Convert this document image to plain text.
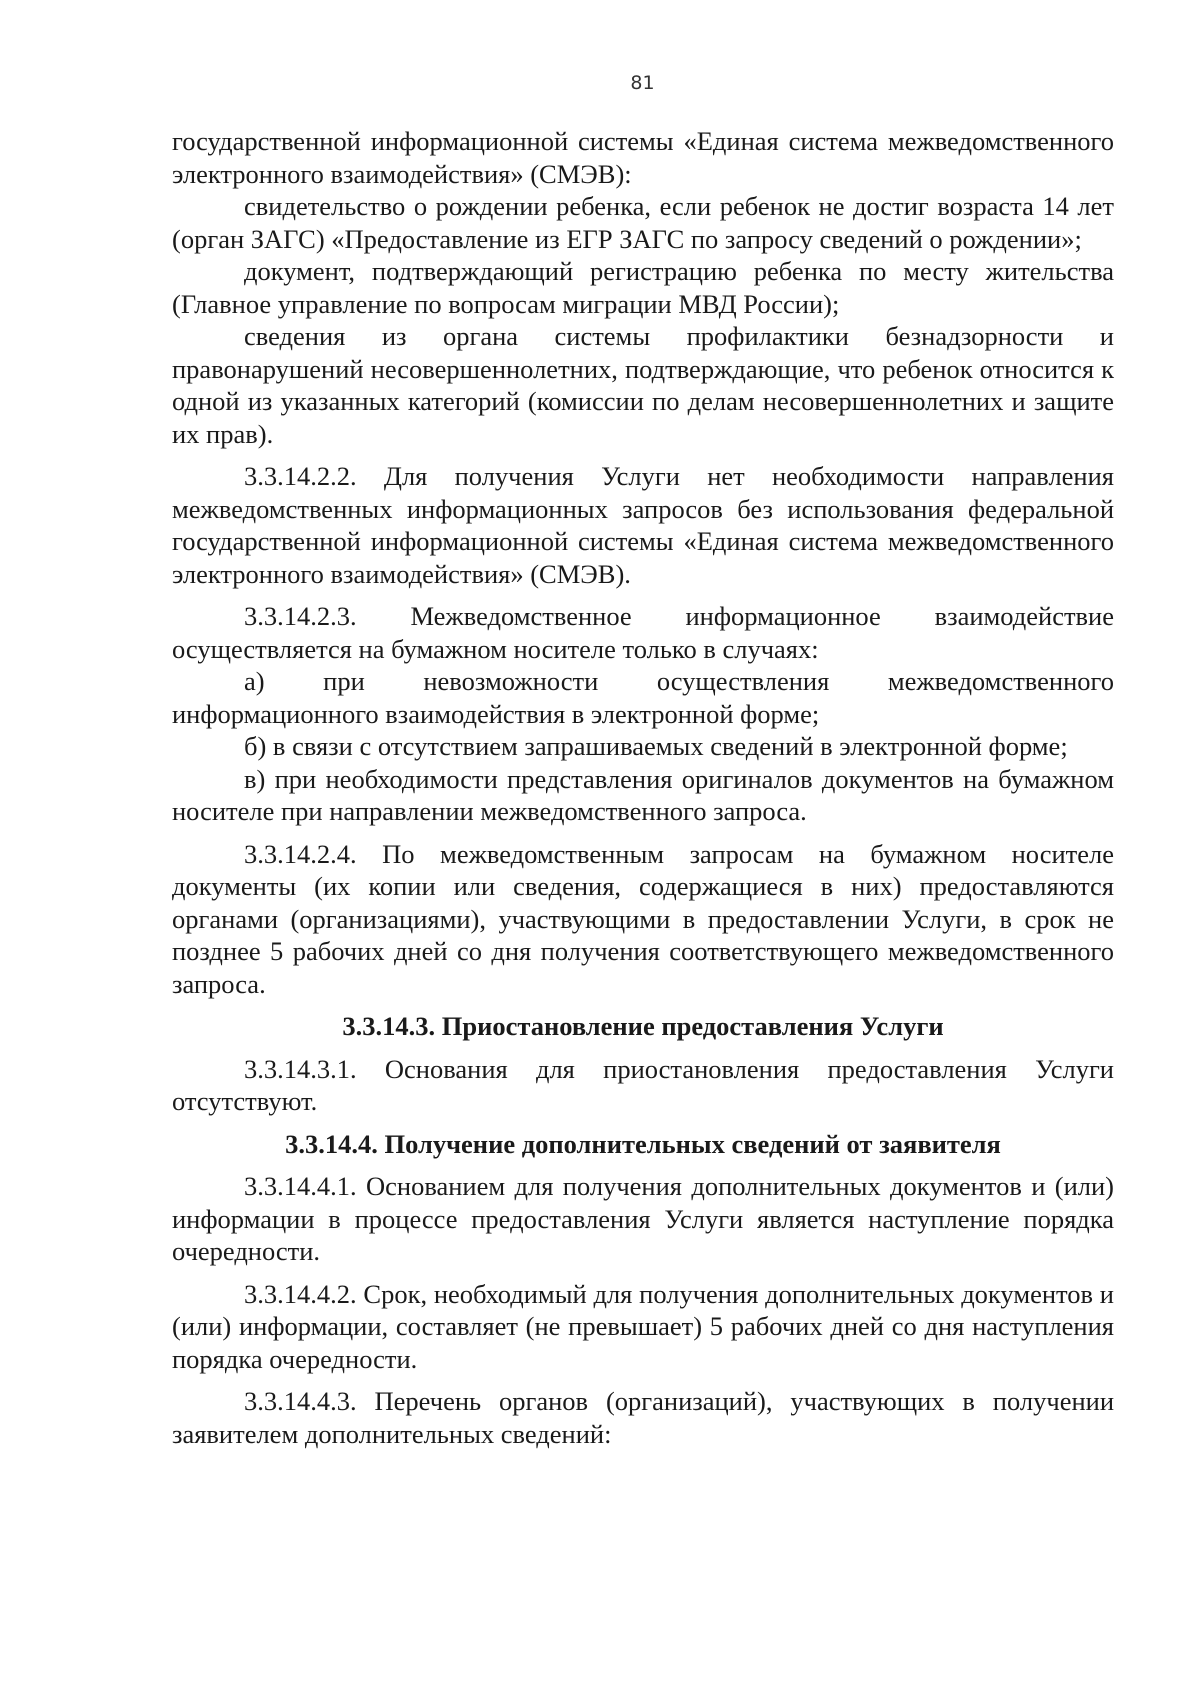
81

государственной информационной системы «Единая система межведомственного электронного взаимодействия» (СМЭВ):

свидетельство о рождении ребенка, если ребенок не достиг возраста 14 лет (орган ЗАГС) «Предоставление из ЕГР ЗАГС по запросу сведений о рождении»;

документ, подтверждающий регистрацию ребенка по месту жительства (Главное управление по вопросам миграции МВД России);

сведения из органа системы профилактики безнадзорности и правонарушений несовершеннолетних, подтверждающие, что ребенок относится к одной из указанных категорий (комиссии по делам несовершеннолетних и защите их прав).

3.3.14.2.2. Для получения Услуги нет необходимости направления межведомственных информационных запросов без использования федеральной государственной информационной системы «Единая система межведомственного электронного взаимодействия» (СМЭВ).

3.3.14.2.3. Межведомственное информационное взаимодействие осуществляется на бумажном носителе только в случаях:

а) при невозможности осуществления межведомственного информационного взаимодействия в электронной форме;

б) в связи с отсутствием запрашиваемых сведений в электронной форме;

в) при необходимости представления оригиналов документов на бумажном носителе при направлении межведомственного запроса.

3.3.14.2.4. По межведомственным запросам на бумажном носителе документы (их копии или сведения, содержащиеся в них) предоставляются органами (организациями), участвующими в предоставлении Услуги, в срок не позднее 5 рабочих дней со дня получения соответствующего межведомственного запроса.

3.3.14.3. Приостановление предоставления Услуги

3.3.14.3.1. Основания для приостановления предоставления Услуги отсутствуют.

3.3.14.4. Получение дополнительных сведений от заявителя

3.3.14.4.1. Основанием для получения дополнительных документов и (или) информации в процессе предоставления Услуги является наступление порядка очередности.

3.3.14.4.2. Срок, необходимый для получения дополнительных документов и (или) информации, составляет (не превышает) 5 рабочих дней со дня наступления порядка очередности.

3.3.14.4.3. Перечень органов (организаций), участвующих в получении заявителем дополнительных сведений:
